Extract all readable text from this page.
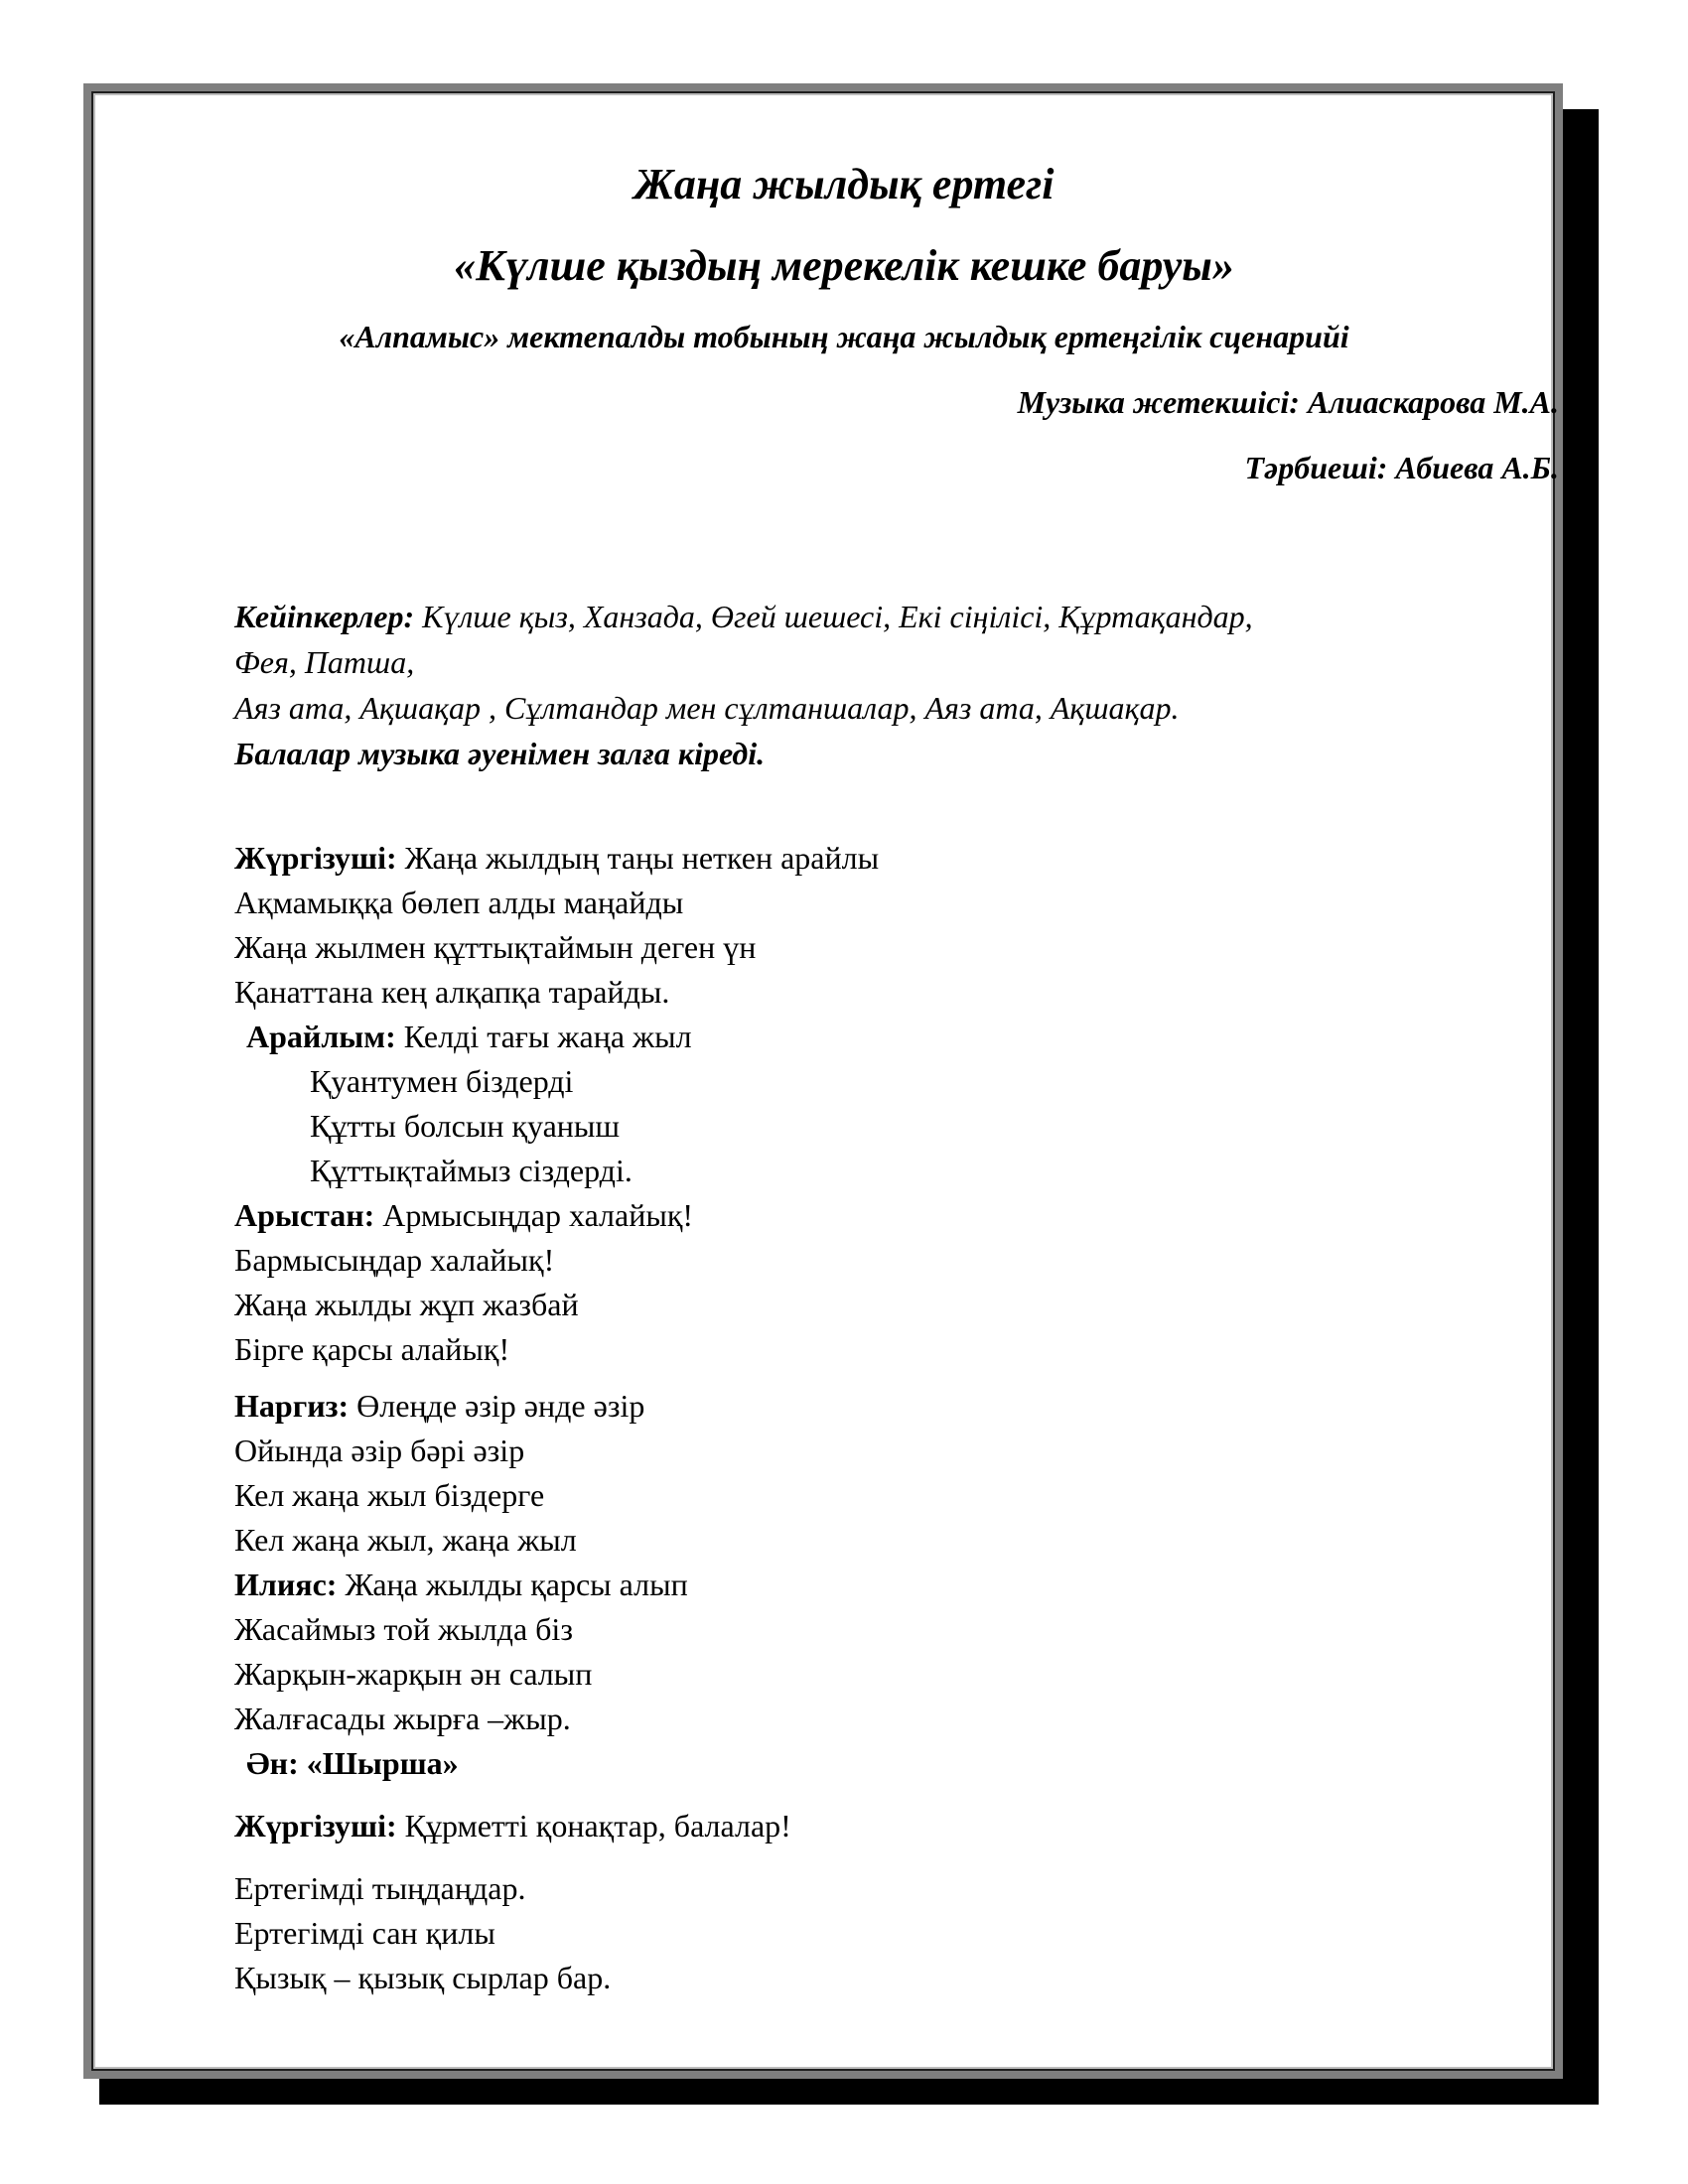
Жаңа жылдық ертегі
«Күлше қыздың мерекелік кешке баруы»
«Алпамыс» мектепалды тобының жаңа жылдық ертеңгілік сценарийі
Музыка жетекшісі: Алиаскарова М.А.
Тәрбиеші: Абиева А.Б.
Кейіпкерлер: Күлше қыз, Ханзада, Өгей шешесі, Екі сіңілісі, Құртақандар,
Фея, Патша,
Аяз ата, Ақшақар , Сұлтандар мен сұлтаншалар, Аяз ата, Ақшақар.
Балалар музыка әуенімен залға кіреді.
Жүргізуші: Жаңа жылдың таңы неткен арайлы
Ақмамыққа бөлеп алды маңайды
Жаңа жылмен құттықтаймын деген үн
Қанаттана кең алқапқа тарайды.
Арайлым: Келді тағы жаңа жыл
Қуантумен біздерді
Құтты болсын қуаныш
Құттықтаймыз сіздерді.
Арыстан: Армысыңдар халайық!
Бармысыңдар халайық!
Жаңа жылды жұп жазбай
Бірге қарсы алайық!
Наргиз: Өлеңде әзір әнде әзір
Ойында әзір бәрі әзір
Кел жаңа жыл біздерге
Кел жаңа жыл, жаңа жыл
Илияс: Жаңа жылды қарсы алып
Жасаймыз той жылда біз
Жарқын-жарқын ән салып
Жалғасады жырға –жыр.
Ән: «Шырша»
Жүргізуші: Құрметті қонақтар, балалар!
Ертегімді тыңдаңдар.
Ертегімді сан қилы
Қызық – қызық сырлар бар.
